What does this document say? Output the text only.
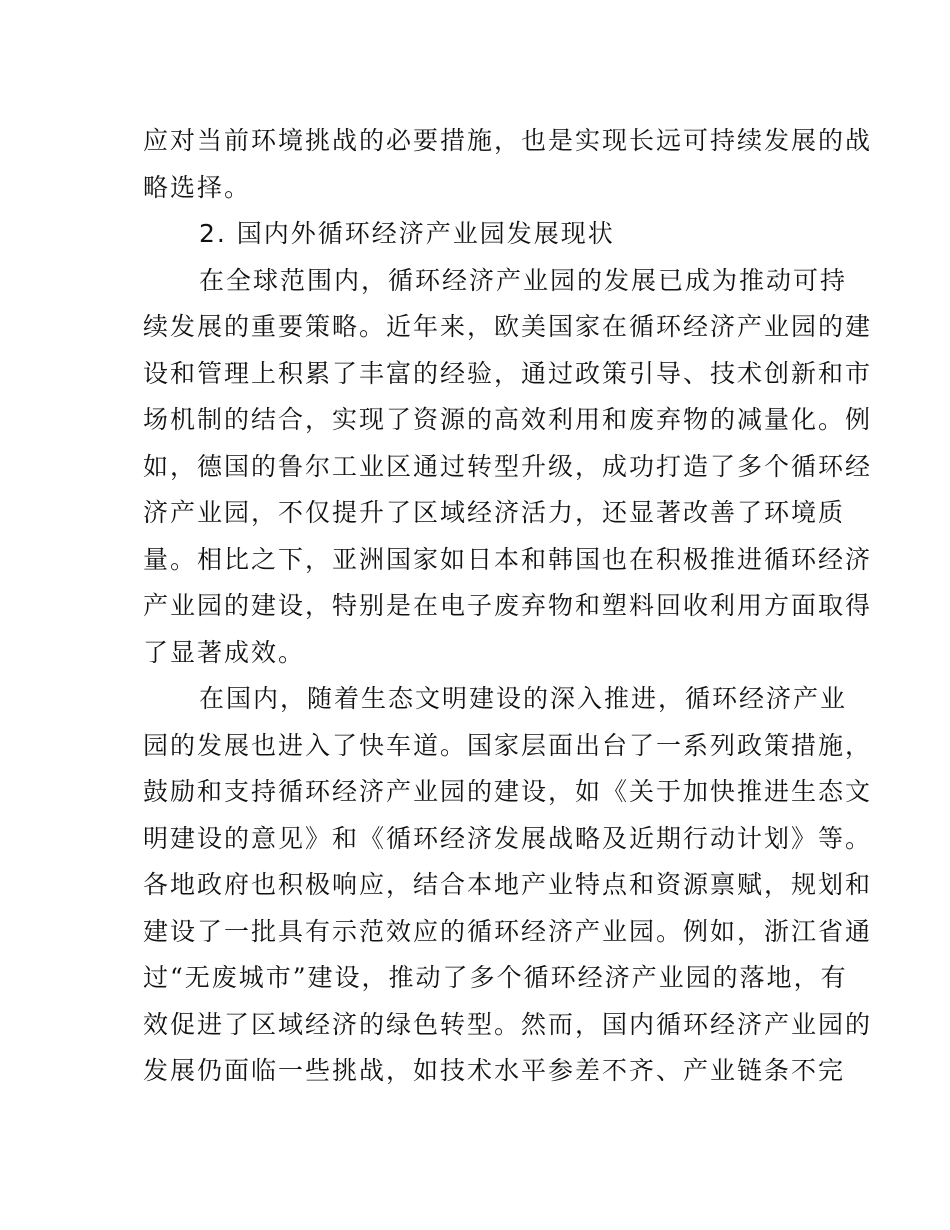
应对当前环境挑战的必要措施，也是实现长远可持续发展的战
略选择。
2. 国内外循环经济产业园发展现状
在全球范围内，循环经济产业园的发展已成为推动可持
续发展的重要策略。近年来，欧美国家在循环经济产业园的建
设和管理上积累了丰富的经验，通过政策引导、技术创新和市
场机制的结合，实现了资源的高效利用和废弃物的减量化。例
如，德国的鲁尔工业区通过转型升级，成功打造了多个循环经
济产业园，不仅提升了区域经济活力，还显著改善了环境质
量。相比之下，亚洲国家如日本和韩国也在积极推进循环经济
产业园的建设，特别是在电子废弃物和塑料回收利用方面取得
了显著成效。
在国内，随着生态文明建设的深入推进，循环经济产业
园的发展也进入了快车道。国家层面出台了一系列政策措施，
鼓励和支持循环经济产业园的建设，如《关于加快推进生态文
明建设的意见》和《循环经济发展战略及近期行动计划》等。
各地政府也积极响应，结合本地产业特点和资源禀赋，规划和
建设了一批具有示范效应的循环经济产业园。例如，浙江省通
过“无废城市”建设，推动了多个循环经济产业园的落地，有
效促进了区域经济的绿色转型。然而，国内循环经济产业园的
发展仍面临一些挑战，如技术水平参差不齐、产业链条不完
